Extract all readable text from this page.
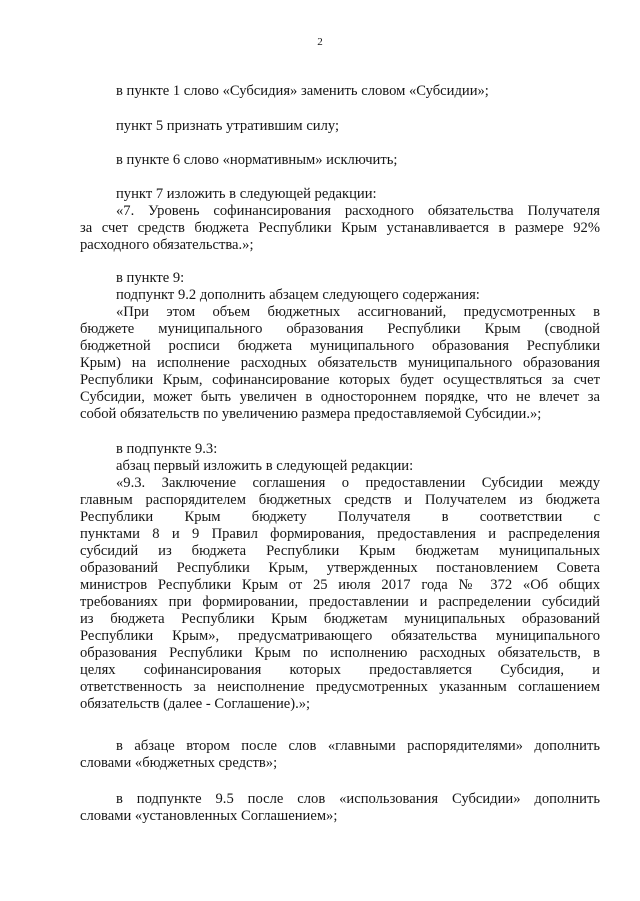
2
в пункте 1 слово «Субсидия» заменить словом «Субсидии»;
пункт 5 признать утратившим силу;
в пункте 6 слово «нормативным» исключить;
пункт 7 изложить в следующей редакции:
«7. Уровень софинансирования расходного обязательства Получателя
за счет средств бюджета Республики Крым устанавливается в размере 92%
расходного обязательства.»;
в пункте 9:
подпункт 9.2 дополнить абзацем следующего содержания:
«При этом объем бюджетных ассигнований, предусмотренных в
бюджете муниципального образования Республики Крым (сводной
бюджетной росписи бюджета муниципального образования Республики
Крым) на исполнение расходных обязательств муниципального образования
Республики Крым, софинансирование которых будет осуществляться за счет
Субсидии, может быть увеличен в одностороннем порядке, что не влечет за
собой обязательств по увеличению размера предоставляемой Субсидии.»;
в подпункте 9.3:
абзац первый изложить в следующей редакции:
«9.3. Заключение соглашения о предоставлении Субсидии между
главным распорядителем бюджетных средств и Получателем из бюджета
Республики Крым бюджету Получателя в соответствии с
пунктами 8 и 9 Правил формирования, предоставления и распределения
субсидий из бюджета Республики Крым бюджетам муниципальных
образований Республики Крым, утвержденных постановлением Совета
министров Республики Крым от 25 июля 2017 года № 372 «Об общих
требованиях при формировании, предоставлении и распределении субсидий
из бюджета Республики Крым бюджетам муниципальных образований
Республики Крым», предусматривающего обязательства муниципального
образования Республики Крым по исполнению расходных обязательств, в
целях софинансирования которых предоставляется Субсидия, и
ответственность за неисполнение предусмотренных указанным соглашением
обязательств (далее - Соглашение).»;
в абзаце втором после слов «главными распорядителями» дополнить
словами «бюджетных средств»;
в подпункте 9.5 после слов «использования Субсидии» дополнить
словами «установленных Соглашением»;
